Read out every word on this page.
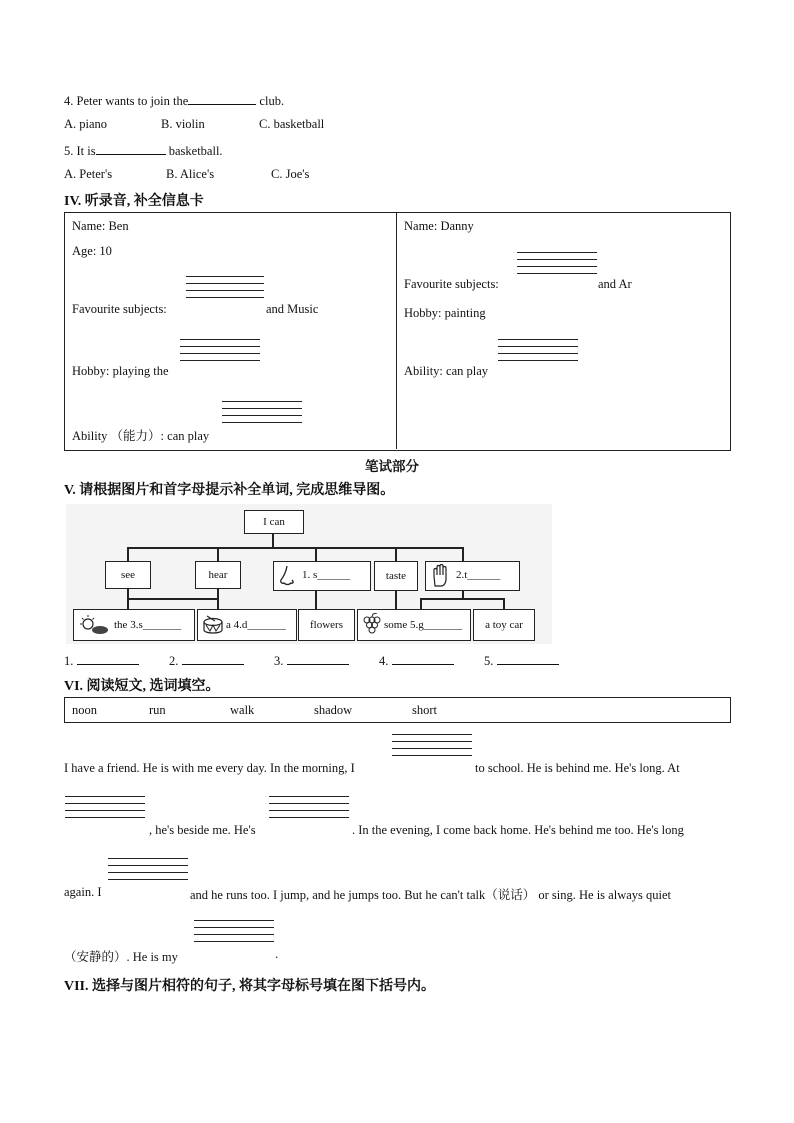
4. Peter wants to join the	club.
A. piano	B. violin	C. basketball
5. It is	basketball.
A. Peter's	B. Alice's	C. Joe's
IV. 听录音, 补全信息卡
Name: Ben
Age: 10
Favourite subjects:	and Music
Hobby: playing the
Ability （能力）: can play
Name: Danny
Favourite subjects:	and Ar
Hobby: painting
Ability: can play
笔试部分
V. 请根据图片和首字母提示补全单词, 完成思维导图。
I can
see	hear	1. s______	taste	2.t______
the 3.s_______	a 4.d_______	flowers	some 5.g_______	a toy car
1.	2.	3.	4.	5.
VI. 阅读短文, 选词填空。
noon	run	walk	shadow	short
I have a friend. He is with me every day. In the morning, I	to school. He is behind me. He's long. At
, he's beside me. He's	. In the evening, I come back home. He's behind me too. He's long
again. I	and he runs too. I jump, and he jumps too. But he can't talk（说话） or sing. He is always quiet
（安静的）. He is my	.
VII. 选择与图片相符的句子, 将其字母标号填在图下括号内。
